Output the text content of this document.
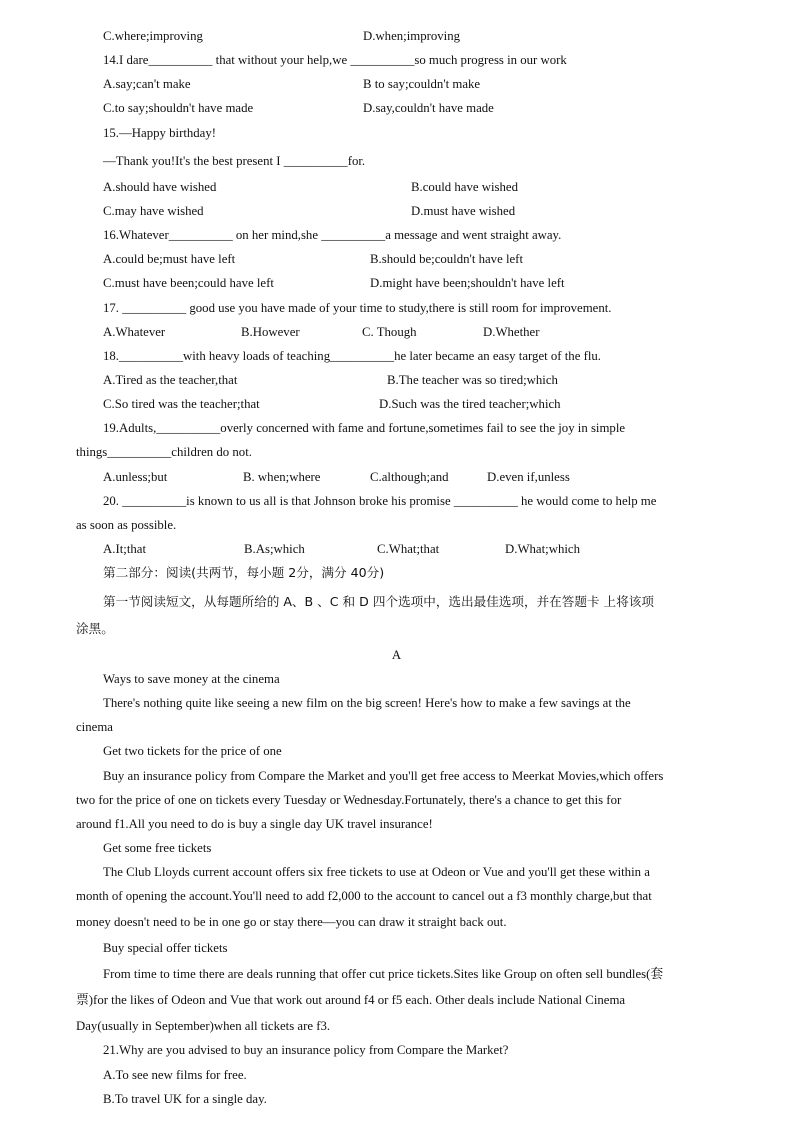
C.where;improving	D.when;improving
14.I dare__________ that without your help,we __________so much progress in our work
A.say;can't make	B to say;couldn't make
C.to say;shouldn't have made	D.say,couldn't have made
15.—Happy birthday!
—Thank you!It's the best present I __________for.
A.should have wished	B.could have wished
C.may have wished	D.must have wished
16.Whatever__________ on her mind,she __________a message and went straight away.
A.could be;must have left	B.should be;couldn't have left
C.must have been;could have left	D.might have been;shouldn't have left
17. __________ good use you have made of your time to study,there is still room for improvement.
A.Whatever	B.However	C. Though	D.Whether
18.__________with heavy loads of teaching__________he later became an easy target of the flu.
A.Tired as the teacher,that	B.The teacher was so tired;which
C.So tired was the teacher;that	D.Such was the tired teacher;which
19.Adults,__________overly concerned with fame and fortune,sometimes fail to see the joy in simple
things__________children do not.
A.unless;but	B. when;where	C.although;and	D.even if,unless
20. __________is known to us all is that Johnson broke his promise __________ he would come to help me
as soon as possible.
A.It;that	B.As;which	C.What;that	D.What;which
第二部分：阅读(共两节，每小题 2分，满分 40分)
第一节阅读短文，从每题所给的 A、B 、C 和 D 四个选项中，选出最佳选项，并在答题卡 上将该项
涂黑。
A
Ways to save money at the cinema
There's nothing quite like seeing a new film on the big screen! Here's how to make a few savings at the
cinema
Get two tickets for the price of one
Buy an insurance policy from Compare the Market and you'll get free access to Meerkat Movies,which offers
two for the price of one on tickets every Tuesday or Wednesday.Fortunately, there's a chance to get this for
around f1.All you need to do is buy a single day UK travel insurance!
Get some free tickets
The Club Lloyds current account offers six free tickets to use at Odeon or Vue and you'll get these within a
month of opening the account.You'll need to add f2,000 to the account to cancel out a f3 monthly charge,but that
money doesn't need to be in one go or stay there—you can draw it straight back out.
Buy special offer tickets
From time to time there are deals running that offer cut price tickets.Sites like Group on often sell bundles(套
票)for the likes of Odeon and Vue that work out around f4 or f5 each. Other deals include National Cinema
Day(usually in September)when all tickets are f3.
21.Why are you advised to buy an insurance policy from Compare the Market?
A.To see new films for free.
B.To travel UK for a single day.
